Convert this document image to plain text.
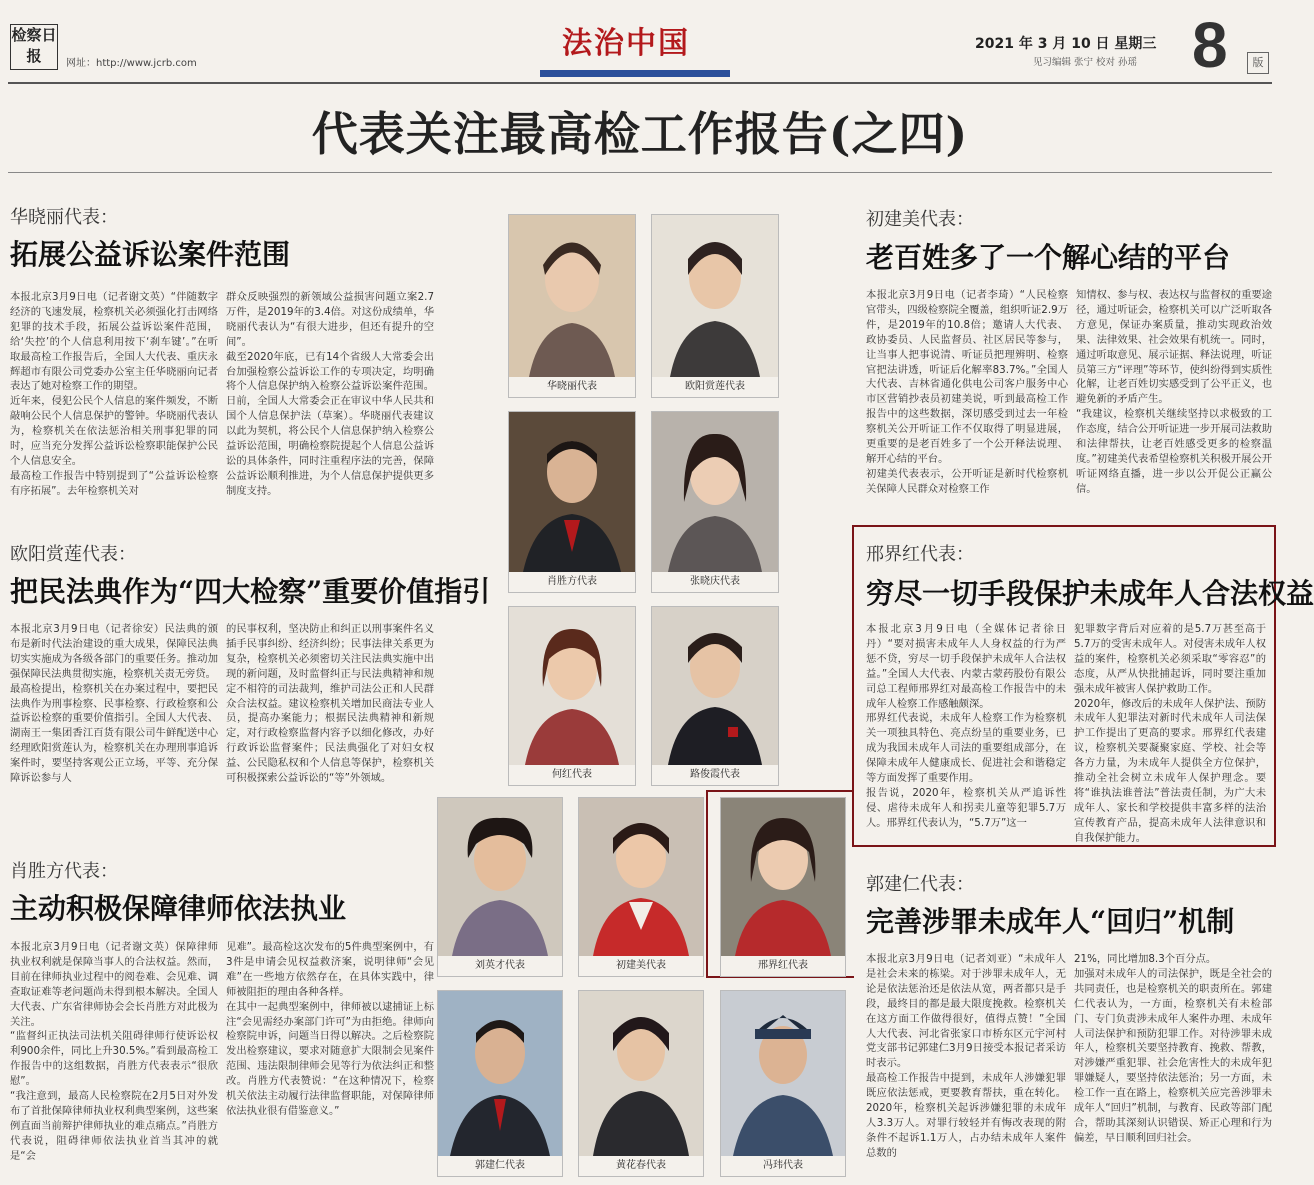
检察日报	网址：http://www.jcrb.com
法治中国	2021 年 3 月 10 日 星期三
见习编辑 张宁 校对 孙瑶 8	版
代表关注最高检工作报告(之四)
华晓丽代表：
拓展公益诉讼案件范围
本报北京3月9日电（记者谢文英）“伴随数字经济的飞速发展，检察机关必须强化打击网络犯罪的技术手段，拓展公益诉讼案件范围，给‘失控’的个人信息利用按下‘刹车键’。”在听取最高检工作报告后，全国人大代表、重庆永辉超市有限公司党委办公室主任华晓丽向记者表达了她对检察工作的期望。
近年来，侵犯公民个人信息的案件频发，不断敲响公民个人信息保护的警钟。华晓丽代表认为，检察机关在依法惩治相关刑事犯罪的同时，应当充分发挥公益诉讼检察职能保护公民个人信息安全。
最高检工作报告中特别提到了“公益诉讼检察有序拓展”。去年检察机关对
群众反映强烈的新领域公益损害问题立案2.7万件，是2019年的3.4倍。对这份成绩单，华晓丽代表认为“有很大进步，但还有提升的空间”。
截至2020年底，已有14个省级人大常委会出台加强检察公益诉讼工作的专项决定，均明确将个人信息保护纳入检察公益诉讼案件范围。日前，全国人大常委会正在审议中华人民共和国个人信息保护法（草案）。华晓丽代表建议以此为契机，将公民个人信息保护纳入检察公益诉讼范围，明确检察院提起个人信息公益诉讼的具体条件，同时注重程序法的完善，保障公益诉讼顺利推进，为个人信息保护提供更多制度支持。
欧阳赏莲代表：
把民法典作为“四大检察”重要价值指引
本报北京3月9日电（记者徐安）民法典的颁布是新时代法治建设的重大成果，保障民法典切实实施成为各级各部门的重要任务。推动加强保障民法典贯彻实施，检察机关责无旁贷。
最高检提出，检察机关在办案过程中，要把民法典作为刑事检察、民事检察、行政检察和公益诉讼检察的重要价值指引。全国人大代表、湖南王一集团香江百货有限公司牛鲜配送中心经理欧阳赏莲认为，检察机关在办理刑事追诉案件时，要坚持客观公正立场，平等、充分保障诉讼参与人
的民事权利，坚决防止和纠正以刑事案件名义插手民事纠纷、经济纠纷；民事法律关系更为复杂，检察机关必须密切关注民法典实施中出现的新问题，及时监督纠正与民法典精神和规定不相符的司法裁判，维护司法公正和人民群众合法权益。建议检察机关增加民商法专业人员，提高办案能力；根据民法典精神和新规定，对行政检察监督内容予以细化修改，办好行政诉讼监督案件；民法典强化了对妇女权益、公民隐私权和个人信息等保护，检察机关可积极探索公益诉讼的“等”外领域。
肖胜方代表：
主动积极保障律师依法执业
本报北京3月9日电（记者谢文英）保障律师执业权利就是保障当事人的合法权益。然而，目前在律师执业过程中的阅卷难、会见难、调查取证难等老问题尚未得到根本解决。全国人大代表、广东省律师协会会长肖胜方对此极为关注。
“监督纠正执法司法机关阻碍律师行使诉讼权利900余件，同比上升30.5%。”看到最高检工作报告中的这组数据，肖胜方代表表示“很欣慰”。
“我注意到，最高人民检察院在2月5日对外发布了首批保障律师执业权利典型案例，这些案例直面当前辩护律师执业的难点痛点。”肖胜方代表说，阻碍律师依法执业首当其冲的就是“会
见难”。最高检这次发布的5件典型案例中，有3件是申请会见权益救济案，说明律师“会见难”在一些地方依然存在，在具体实践中，律师被阻拒的理由各种各样。
在其中一起典型案例中，律师被以逮捕证上标注“会见需经办案部门许可”为由拒绝。律师向检察院申诉，问题当日得以解决。之后检察院发出检察建议，要求对随意扩大限制会见案件范围、违法限制律师会见等行为依法纠正和整改。肖胜方代表赞说：“在这种情况下，检察机关依法主动履行法律监督职能，对保障律师依法执业很有借鉴意义。”
初建美代表：
老百姓多了一个解心结的平台
本报北京3月9日电（记者李琦）“人民检察官带头，四级检察院全覆盖，组织听证2.9万件，是2019年的10.8倍；邀请人大代表、政协委员、人民监督员、社区居民等参与，让当事人把事说清、听证员把理辨明、检察官把法讲透，听证后化解率83.7%。”全国人大代表、吉林省通化供电公司客户服务中心市区营销抄表员初建美说，听到最高检工作报告中的这些数据，深切感受到过去一年检察机关公开听证工作不仅取得了明显进展，更重要的是老百姓多了一个公开释法说理、解开心结的平台。
初建美代表表示，公开听证是新时代检察机关保障人民群众对检察工作
知情权、参与权、表达权与监督权的重要途径，通过听证会，检察机关可以广泛听取各方意见，保证办案质量，推动实现政治效果、法律效果、社会效果有机统一。同时，通过听取意见、展示证据、释法说理，听证员第三方“评理”等环节，使纠纷得到实质性化解，让老百姓切实感受到了公平正义，也避免新的矛盾产生。
“我建议，检察机关继续坚持以求极致的工作态度，结合公开听证进一步开展司法救助和法律帮扶，让老百姓感受更多的检察温度。”初建美代表希望检察机关积极开展公开听证网络直播，进一步以公开促公正赢公信。
邢界红代表：
穷尽一切手段保护未成年人合法权益
本报北京3月9日电（全媒体记者徐日丹）“要对损害未成年人人身权益的行为严惩不贷，穷尽一切手段保护未成年人合法权益。”全国人大代表、内蒙古蒙药股份有限公司总工程师邢界红对最高检工作报告中的未成年人检察工作感触颇深。
邢界红代表说，未成年人检察工作为检察机关一项独具特色、亮点纷呈的重要业务，已成为我国未成年人司法的重要组成部分，在保障未成年人健康成长、促进社会和谐稳定等方面发挥了重要作用。
报告说，2020年，检察机关从严追诉性侵、虐待未成年人和拐卖儿童等犯罪5.7万人。邢界红代表认为，“5.7万”这一
犯罪数字背后对应着的是5.7万甚至高于5.7万的受害未成年人。对侵害未成年人权益的案件，检察机关必须采取“零容忍”的态度，从严从快批捕起诉，同时要注重加强未成年被害人保护救助工作。
2020年，修改后的未成年人保护法、预防未成年人犯罪法对新时代未成年人司法保护工作提出了更高的要求。邢界红代表建议，检察机关要凝聚家庭、学校、社会等各方力量，为未成年人提供全方位保护，推动全社会树立未成年人保护理念。要将“谁执法谁普法”普法责任制，为广大未成年人、家长和学校提供丰富多样的法治宣传教育产品，提高未成年人法律意识和自我保护能力。
郭建仁代表：
完善涉罪未成年人“回归”机制
本报北京3月9日电（记者刘亚）“未成年人是社会未来的栋梁。对于涉罪未成年人，无论是依法惩治还是依法从宽，两者都只是手段，最终目的都是最大限度挽救。检察机关在这方面工作做得很好，值得点赞！”全国人大代表、河北省张家口市桥东区元宇河村党支部书记郭建仁3月9日接受本报记者采访时表示。
最高检工作报告中提到，未成年人涉嫌犯罪既应依法惩戒，更要教育帮扶，重在转化。2020年，检察机关起诉涉嫌犯罪的未成年人3.3万人。对罪行较轻并有悔改表现的附条件不起诉1.1万人，占办结未成年人案件总数的
21%，同比增加8.3个百分点。
加强对未成年人的司法保护，既是全社会的共同责任，也是检察机关的职责所在。郭建仁代表认为，一方面，检察机关有未检部门、专门负责涉未成年人案件办理、未成年人司法保护和预防犯罪工作。对待涉罪未成年人，检察机关要坚持教育、挽救、帮教，对涉嫌严重犯罪、社会危害性大的未成年犯罪嫌疑人，要坚持依法惩治；另一方面，未检工作一直在路上，检察机关应完善涉罪未成年人“回归”机制，与教育、民政等部门配合，帮助其深刻认识错误、矫正心理和行为偏差，早日顺利回归社会。
华晓丽代表	欧阳赏莲代表
肖胜方代表	张晓庆代表
何红代表	路俊霞代表
刘英才代表	初建美代表	邢界红代表
郭建仁代表	黄花春代表	冯玮代表
